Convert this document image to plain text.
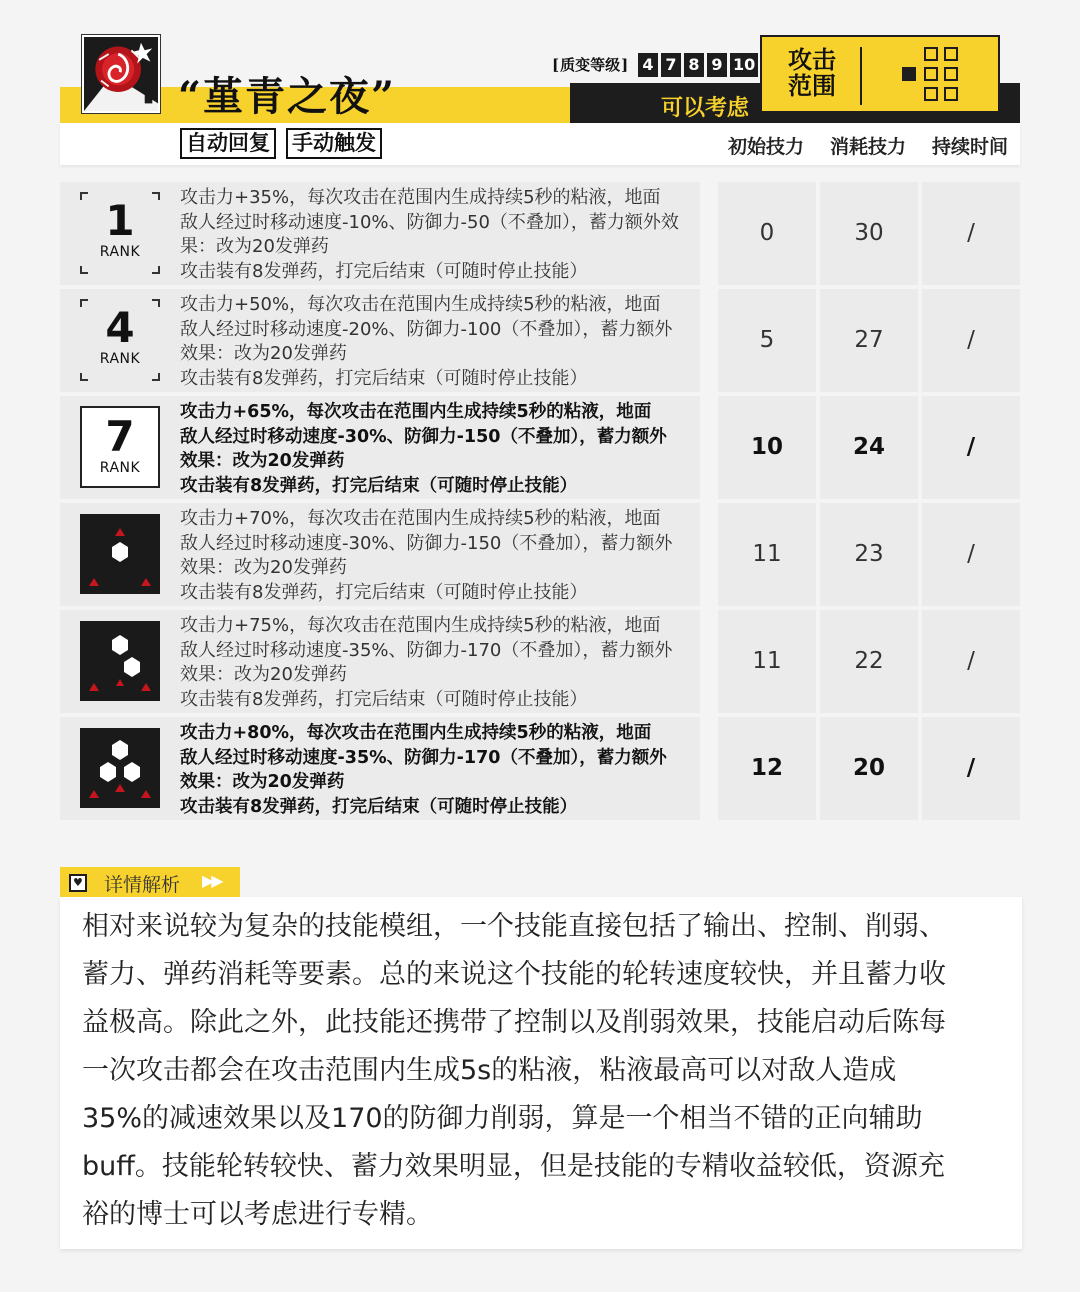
“堇青之夜”
自动回复 手动触发
[ 质变等级 ]	4 7 8 9 10
可以考虑
攻击范围
初始技力 消耗技力 持续时间
1
RANK
攻击力+35%，每次攻击在范围内生成持续5秒的粘液，地面
敌人经过时移动速度-10%、防御力-50（不叠加），蓄力额外效
果：改为20发弹药
攻击装有8发弹药，打完后结束（可随时停止技能）
0	30	/
4
RANK
攻击力+50%，每次攻击在范围内生成持续5秒的粘液，地面
敌人经过时移动速度-20%、防御力-100（不叠加），蓄力额外
效果：改为20发弹药
攻击装有8发弹药，打完后结束（可随时停止技能）
5	27	/
7
RANK
攻击力+65%，每次攻击在范围内生成持续5秒的粘液，地面
敌人经过时移动速度-30%、防御力-150（不叠加），蓄力额外
效果：改为20发弹药
攻击装有8发弹药，打完后结束（可随时停止技能）
10	24	/
攻击力+70%，每次攻击在范围内生成持续5秒的粘液，地面
敌人经过时移动速度-30%、防御力-150（不叠加），蓄力额外
效果：改为20发弹药
攻击装有8发弹药，打完后结束（可随时停止技能）
11	23	/
攻击力+75%，每次攻击在范围内生成持续5秒的粘液，地面
敌人经过时移动速度-35%、防御力-170（不叠加），蓄力额外
效果：改为20发弹药
攻击装有8发弹药，打完后结束（可随时停止技能）
11	22	/
攻击力+80%，每次攻击在范围内生成持续5秒的粘液，地面
敌人经过时移动速度-35%、防御力-170（不叠加），蓄力额外
效果：改为20发弹药
攻击装有8发弹药，打完后结束（可随时停止技能）
12	20	/
♥ 详情解析 ▶▶
相对来说较为复杂的技能模组，一个技能直接包括了输出、控制、削弱、
蓄力、弹药消耗等要素。总的来说这个技能的轮转速度较快，并且蓄力收
益极高。除此之外，此技能还携带了控制以及削弱效果，技能启动后陈每
一次攻击都会在攻击范围内生成5s的粘液，粘液最高可以对敌人造成
35%的减速效果以及170的防御力削弱，算是一个相当不错的正向辅助
buff。技能轮转较快、蓄力效果明显，但是技能的专精收益较低，资源充
裕的博士可以考虑进行专精。
